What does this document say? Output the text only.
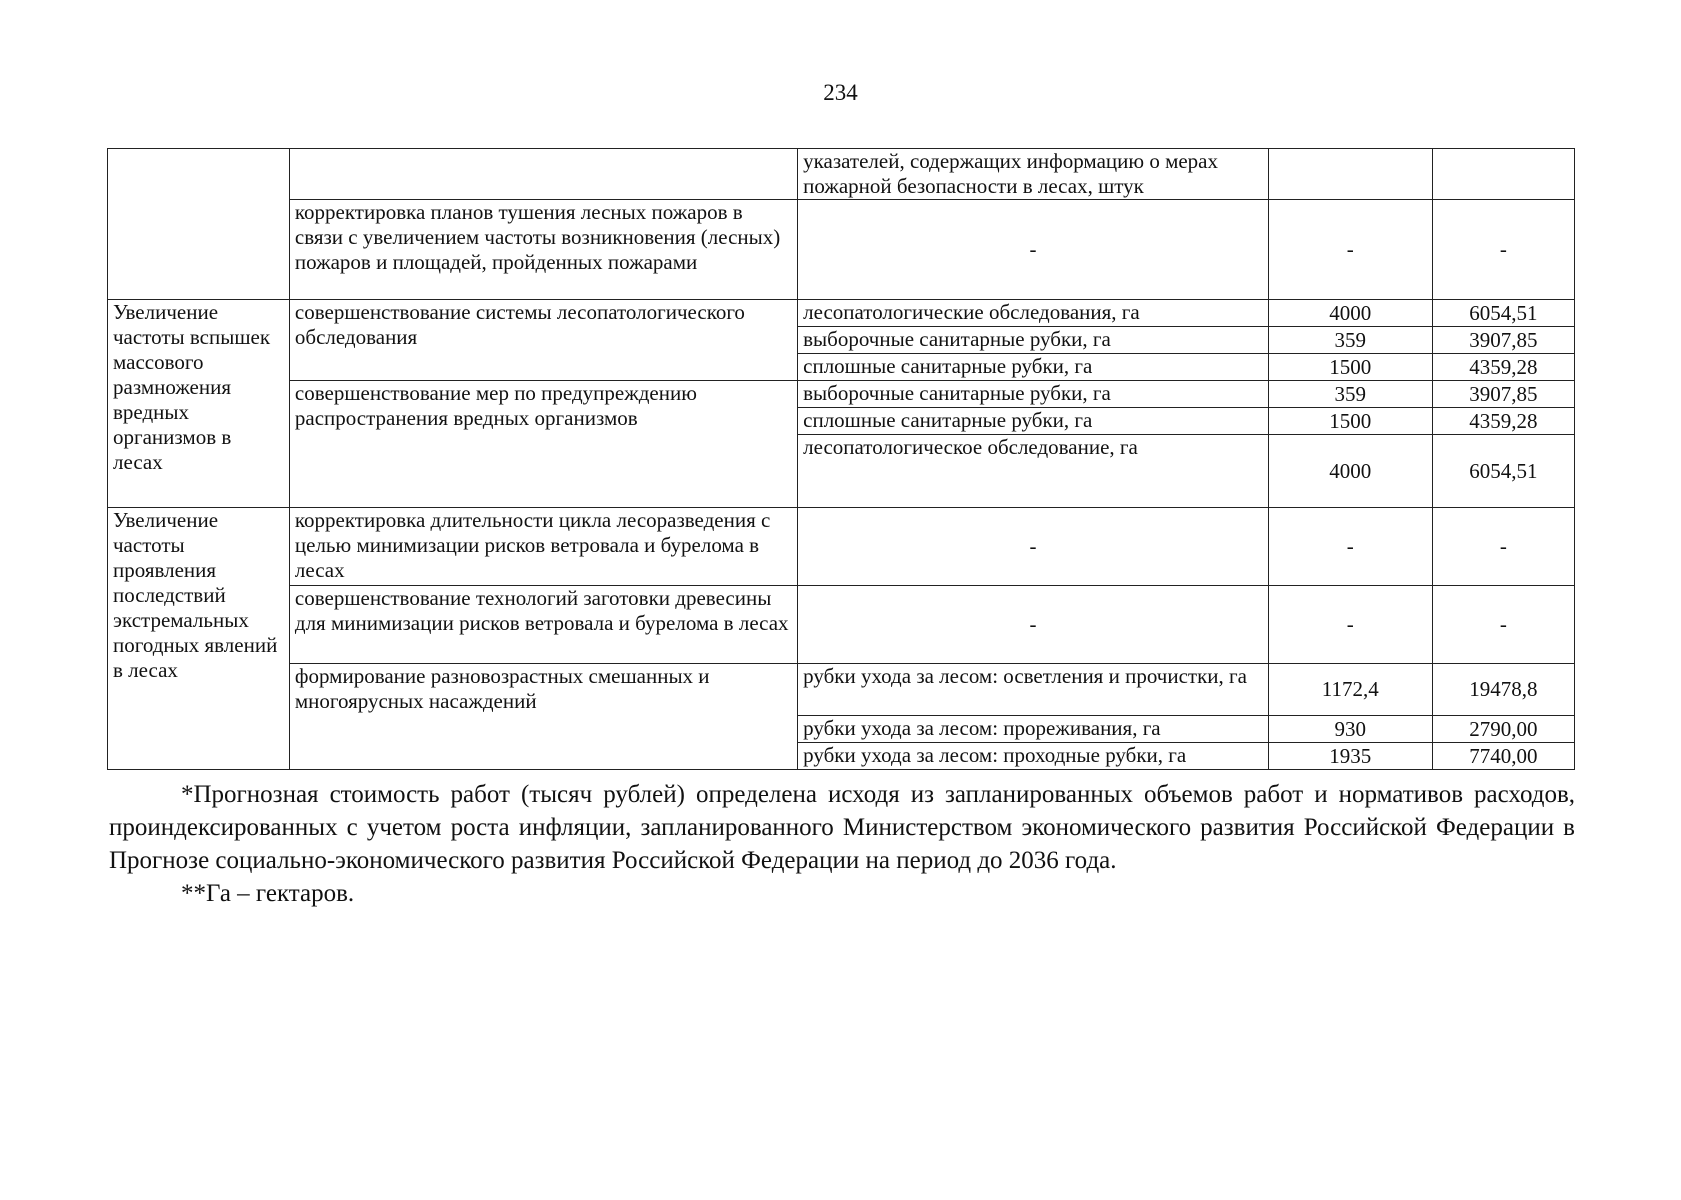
234
		указателей, содержащих информацию о мерах пожарной безопасности в лесах, штук		
	корректировка планов тушения лесных пожаров в связи с увеличением частоты возникновения (лесных) пожаров и площадей, пройденных пожарами	-	-	-
Увеличение частоты вспышек массового размножения вредных организмов в лесах	совершенствование системы лесопатологического обследования	лесопатологические обследования, га	4000	6054,51
		выборочные санитарные рубки, га	359	3907,85
		сплошные санитарные рубки, га	1500	4359,28
	совершенствование мер по предупреждению распространения вредных организмов	выборочные санитарные рубки, га	359	3907,85
		сплошные санитарные рубки, га	1500	4359,28
		лесопатологическое обследование, га	4000	6054,51
Увеличение частоты проявления последствий экстремальных погодных явлений в лесах	корректировка длительности цикла лесоразведения с целью минимизации рисков ветровала и бурелома в лесах	-	-	-
	совершенствование технологий заготовки древесины для минимизации рисков ветровала и бурелома в лесах	-	-	-
	формирование разновозрастных смешанных и многоярусных насаждений	рубки ухода за лесом: осветления и прочистки, га	1172,4	19478,8
		рубки ухода за лесом: прореживания, га	930	2790,00
		рубки ухода за лесом: проходные рубки, га	1935	7740,00

*Прогнозная стоимость работ (тысяч рублей) определена исходя из запланированных объемов работ и нормативов расходов, проиндексированных с учетом роста инфляции, запланированного Министерством экономического развития Российской Федерации в Прогнозе социально-экономического развития Российской Федерации на период до 2036 года.

**Га – гектаров.
